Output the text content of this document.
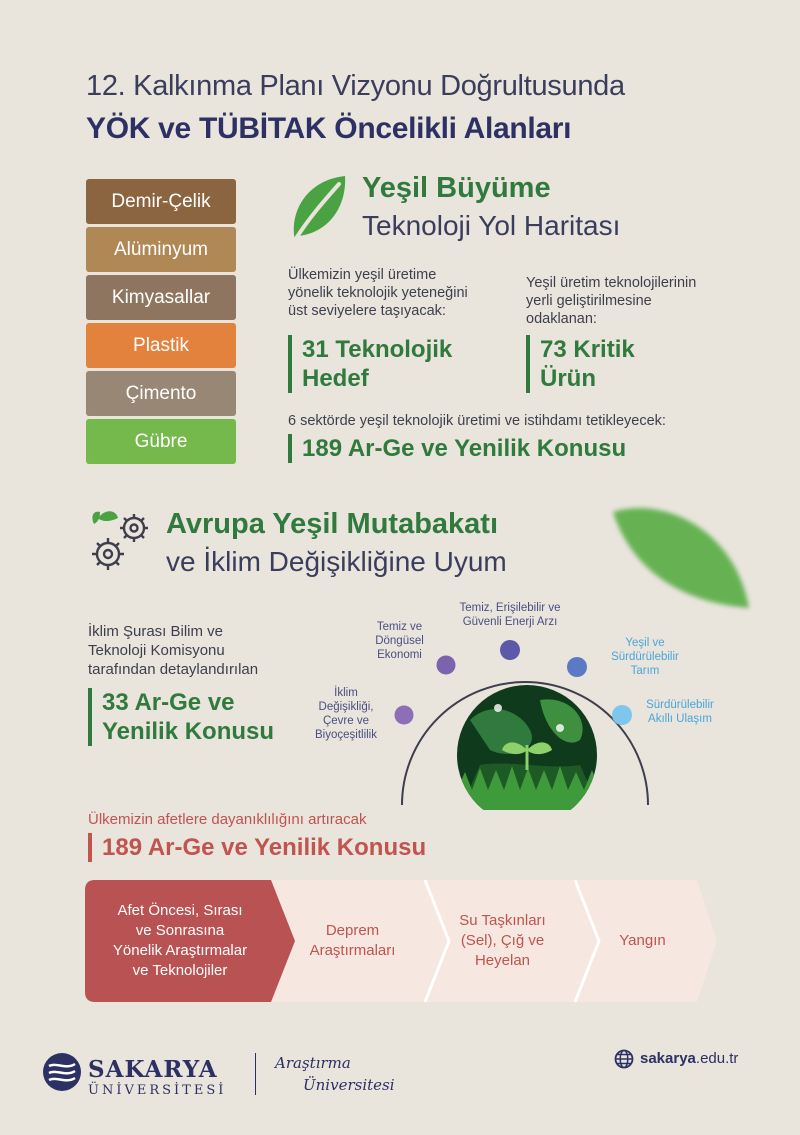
12. Kalkınma Planı Vizyonu Doğrultusunda
YÖK ve TÜBİTAK Öncelikli Alanları
Demir-Çelik
Alüminyum
Kimyasallar
Plastik
Çimento
Gübre
Yeşil Büyüme
Teknoloji Yol Haritası
Ülkemizin yeşil üretime
yönelik teknolojik yeteneğini
üst seviyelere taşıyacak:
31 Teknolojik
Hedef
Yeşil üretim teknolojilerinin
yerli geliştirilmesine
odaklanan:
73 Kritik
Ürün
6 sektörde yeşil teknolojik üretimi ve istihdamı tetikleyecek:
189 Ar-Ge ve Yenilik Konusu
Avrupa Yeşil Mutabakatı
ve İklim Değişikliğine Uyum
İklim Şurası Bilim ve
Teknoloji Komisyonu
tarafından detaylandırılan
33 Ar-Ge ve
Yenilik Konusu
İklim
Değişikliği,
Çevre ve
Biyoçeşitlilik
Temiz ve
Döngüsel
Ekonomi
Temiz, Erişilebilir ve
Güvenli Enerji Arzı
Yeşil ve
Sürdürülebilir
Tarım
Sürdürülebilir
Akıllı Ulaşım
Ülkemizin afetlere dayanıklılığını artıracak
189 Ar-Ge ve Yenilik Konusu
Afet Öncesi, Sırası
ve Sonrasına
Yönelik Araştırmalar
ve Teknolojiler
Deprem
Araştırmaları
Su Taşkınları
(Sel), Çığ ve
Heyelan
Yangın
SAKARYA
ÜNİVERSİTESİ
Araştırma
Üniversitesi
sakarya.edu.tr
